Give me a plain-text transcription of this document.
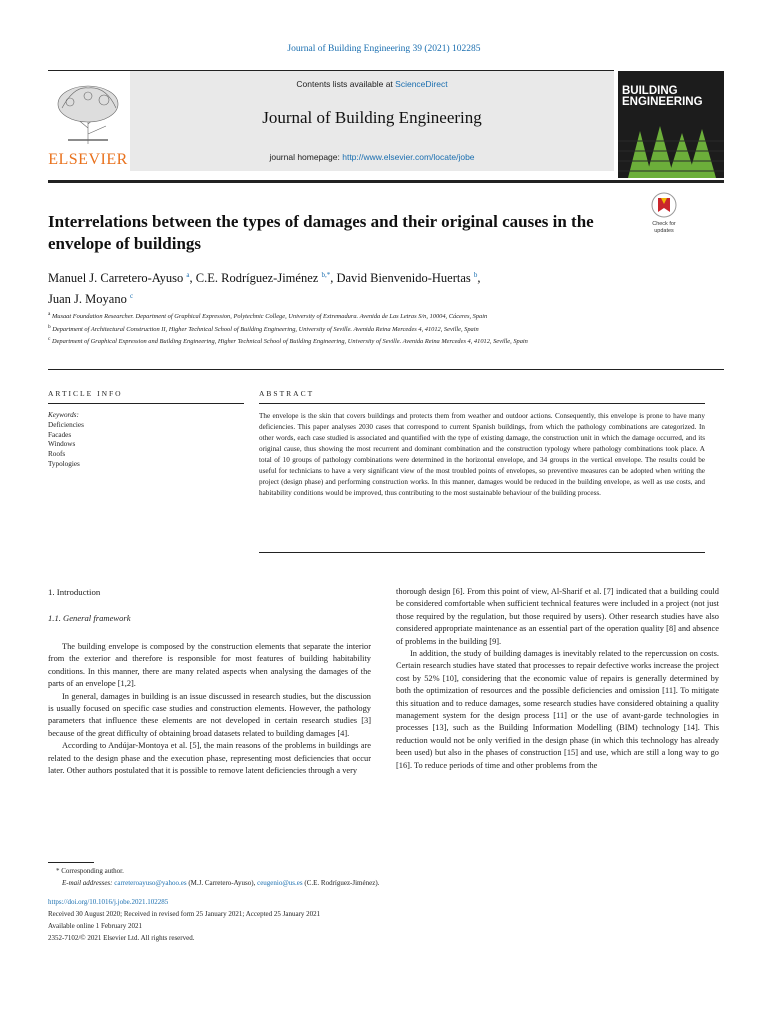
Journal of Building Engineering 39 (2021) 102285
ELSEVIER
Contents lists available at ScienceDirect
Journal of Building Engineering
journal homepage: http://www.elsevier.com/locate/jobe
BUILDING
ENGINEERING
Interrelations between the types of damages and their original causes in the envelope of buildings
Check for
updates
Manuel J. Carretero-Ayuso $^a$, C.E. Rodríguez-Jiménez $^{b,*}$, David Bienvenido-Huertas $^b$,
Juan J. Moyano $^c$
$^a$ Musaat Foundation Researcher. Department of Graphical Expression, Polytechnic College, University of Extremadura. Avenida de Las Letras S/n, 10004, Cáceres, Spain
$^b$ Department of Architectural Construction II, Higher Technical School of Building Engineering, University of Seville. Avenida Reina Mercedes 4, 41012, Seville, Spain
$^c$ Department of Graphical Expression and Building Engineering, Higher Technical School of Building Engineering, University of Seville. Avenida Reina Mercedes 4, 41012, Seville, Spain
ARTICLE INFO	ABSTRACT
Keywords:
Deficiencies
Facades
Windows
Roofs
Typologies
The envelope is the skin that covers buildings and protects them from weather and outdoor actions. Consequently, this envelope is prone to have many deficiencies. This paper analyses 2030 cases that correspond to current Spanish buildings, from which the pathology combinations are categorized. In other words, each case studied is associated and quantified with the type of existing damage, the construction unit in which the damage occurred, and its original cause, thus showing the most recurrent and dominant combination and the construction typology where pathology combinations took place. A total of 10 groups of pathology combinations were determined in the horizontal envelope, and 34 groups in the vertical envelope. The results could be useful for technicians to have a very significant view of the most troubled points of envelopes, so preventive measures can be adopted when writing the project (design phase) and performing construction works. In this manner, damages would be reduced in the building envelope, as well as use costs, and habitability conditions would be improved, thus contributing to the most sustainable behaviour of the building process.
1. Introduction
1.1. General framework

The building envelope is composed by the construction elements that separate the interior from the exterior and therefore is responsible for most features of building habitability conditions. In this manner, there are many related aspects when analysing the damages of the parts of an envelope [1,2].

In general, damages in building is an issue discussed in research studies, but the discussion is usually focused on specific case studies and construction elements. However, the pathology parameters that influence these elements are not developed in certain research studies [3] because of the great difficulty of obtaining broad datasets related to building damages [4].

According to Andújar-Montoya et al. [5], the main reasons of the problems in buildings are related to the design phase and the execution phase, representing most deficiencies that occur later. Other authors postulated that it is possible to remove latent deficiencies through a very

thorough design [6]. From this point of view, Al-Sharif et al. [7] indicated that a building could be considered comfortable when sufficient technical features were included in a project (not just those required by the regulation, but those required by users). Other research studies have also considered appropriate maintenance as an essential part of the operation quality [8] and absence of problems in the building [9].

In addition, the study of building damages is inevitably related to the repercussion on costs. Certain research studies have stated that processes to repair defective works increase the project cost by 52% [10], considering that the economic value of repairs is generally determined by both the optimization of resources and the possible deficiencies and omission [11]. To mitigate this situation and to reduce damages, some research studies have considered obtaining a quality management system for the design process [11] or the use of avant-garde technologies in processes [13], such as the Building Information Modelling (BIM) technology [14]. This reduction would not be only verified in the design phase (in which this technology has already been used) but also in the phases of construction [15] and use, which are still a long way to go [16]. To reduce periods of time and other problems from the

* Corresponding author.
E-mail addresses: carreteroayuso@yahoo.es (M.J. Carretero-Ayuso), ceugenio@us.es (C.E. Rodríguez-Jiménez).
https://doi.org/10.1016/j.jobe.2021.102285
Received 30 August 2020; Received in revised form 25 January 2021; Accepted 25 January 2021
Available online 1 February 2021
2352-7102/© 2021 Elsevier Ltd. All rights reserved.
